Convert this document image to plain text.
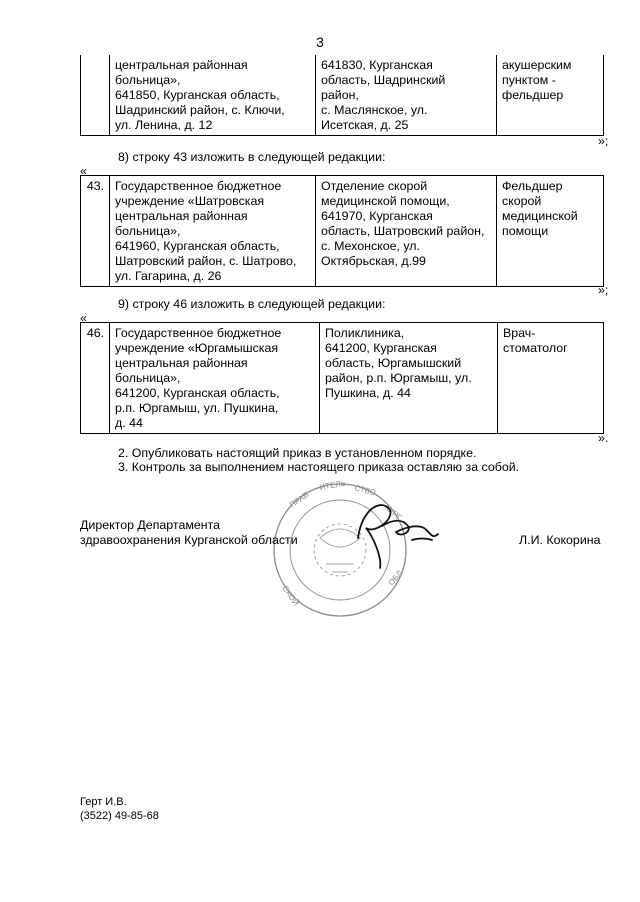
3
	центральная районная
больница»,
641850, Курганская область,
Шадринский район, с. Ключи,
ул. Ленина, д. 12	641830, Курганская
область, Шадринский
район,
с. Маслянское, ул.
Исетская, д. 25	акушерским
пунктом -
фельдшер
»;
8) строку 43 изложить в следующей редакции:
«
43.	Государственное бюджетное
учреждение «Шатровская
центральная районная
больница»,
641960, Курганская область,
Шатровский район, с. Шатрово,
ул. Гагарина, д. 26	Отделение скорой
медицинской помощи,
641970, Курганская
область, Шатровский район,
с. Мехонское, ул.
Октябрьская, д.99	Фельдшер
скорой
медицинской
помощи
»;
9) строку 46 изложить в следующей редакции:
«
46.	Государственное бюджетное
учреждение «Юргамышская
центральная районная
больница»,
641200, Курганская область,
р.п. Юргамыш, ул. Пушкина,
д. 44	Поликлиника,
641200, Курганская
область, Юргамышский
район, р.п. Юргамыш, ул.
Пушкина, д. 44	Врач-
стоматолог
».
2. Опубликовать настоящий приказ в установленном порядке.
3. Контроль за выполнением настоящего приказа оставляю за собой.
ПРАВ
ИТЕЛЬ СТВО
КУРГ
ОБЛ
СКОЙ
Директор Департамента
здравоохранения Курганской области	Л.И. Кокорина
Герт И.В.
(3522) 49-85-68
